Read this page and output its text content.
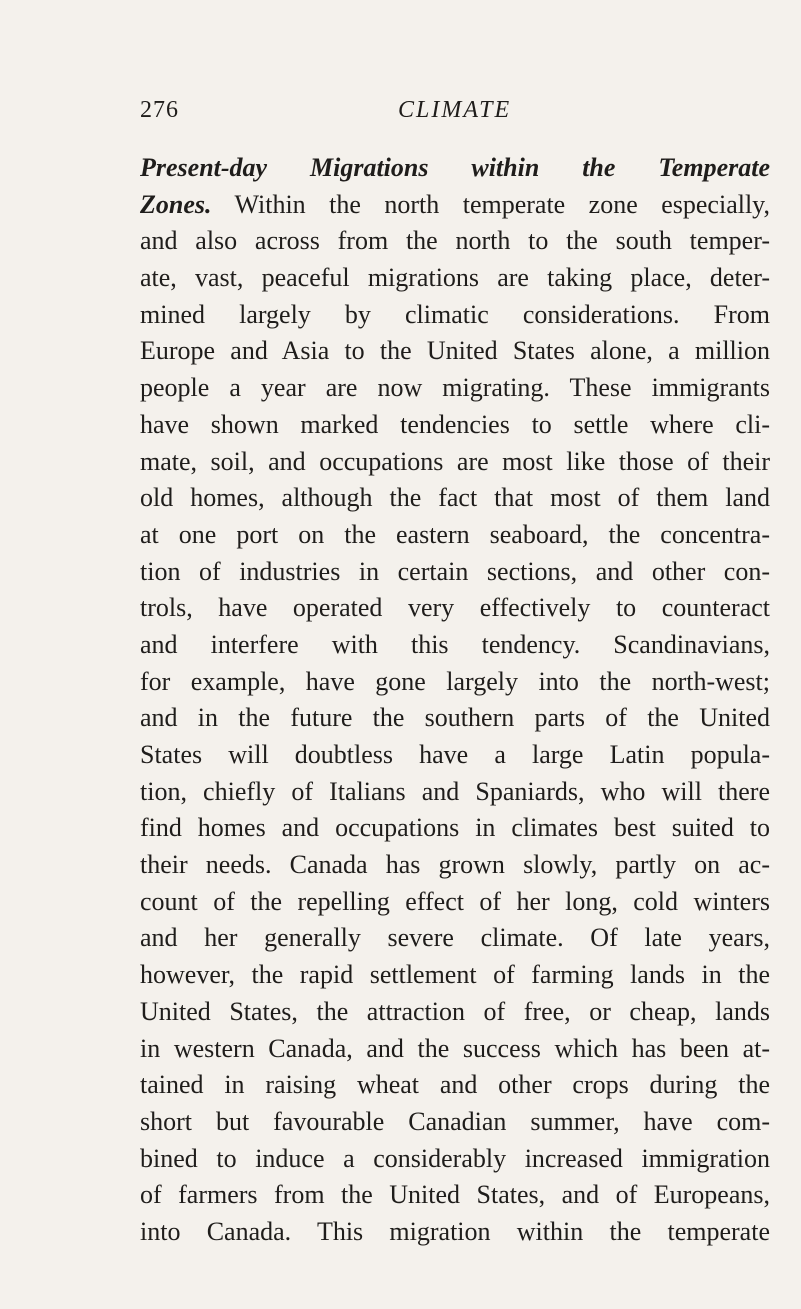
276	CLIMATE
Present-day Migrations within the Temperate
Zones. Within the north temperate zone especially,
and also across from the north to the south temper-
ate, vast, peaceful migrations are taking place, deter-
mined largely by climatic considerations. From
Europe and Asia to the United States alone, a million
people a year are now migrating. These immigrants
have shown marked tendencies to settle where cli-
mate, soil, and occupations are most like those of their
old homes, although the fact that most of them land
at one port on the eastern seaboard, the concentra-
tion of industries in certain sections, and other con-
trols, have operated very effectively to counteract
and interfere with this tendency. Scandinavians,
for example, have gone largely into the north-west;
and in the future the southern parts of the United
States will doubtless have a large Latin popula-
tion, chiefly of Italians and Spaniards, who will there
find homes and occupations in climates best suited to
their needs. Canada has grown slowly, partly on ac-
count of the repelling effect of her long, cold winters
and her generally severe climate. Of late years,
however, the rapid settlement of farming lands in the
United States, the attraction of free, or cheap, lands
in western Canada, and the success which has been at-
tained in raising wheat and other crops during the
short but favourable Canadian summer, have com-
bined to induce a considerably increased immigration
of farmers from the United States, and of Europeans,
into Canada. This migration within the temperate
